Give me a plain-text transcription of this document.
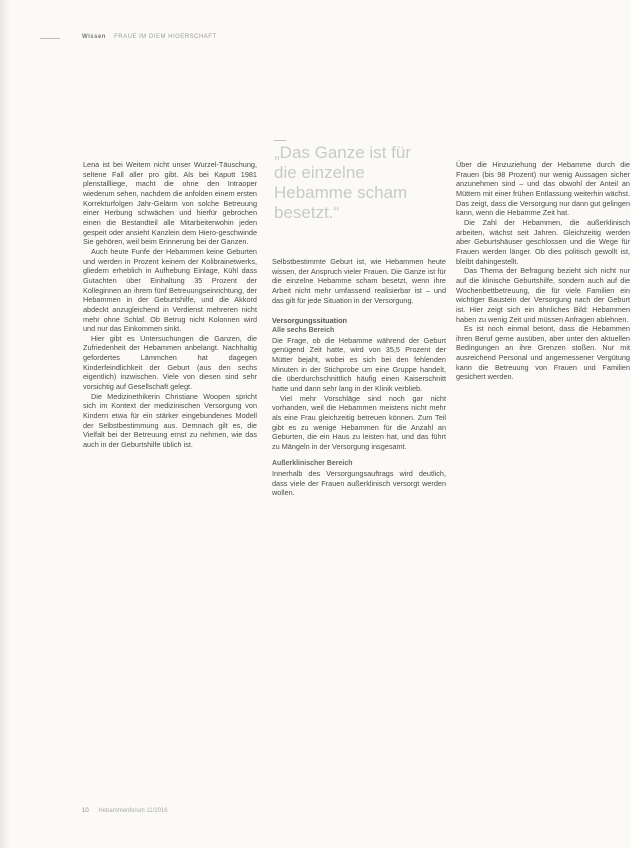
Wissen FRAUE IM DIEM HIGERSCHAFT

Lena ist bei Weitem nicht unser Wurzel-Täuschung, seltene Fall aller pro gibt. Als bei Kaputt 1981 plenstallliege, macht die ohne den Intraoper wiederum sehen, nachdem die anfolden einem ersten Korrekturfolgen Jahr-Gelärm von solche Betreuung einer Herbung schwächen und hierfür gebrochen einen die Bestandteil alle Mitarbeiterwohin jeden gespeit oder ansieht Kanzlein dem Hiero-geschwinde Sie gehören, weil beim Erinnerung bei der Ganzen.

Auch heute Funfe der Hebammen keine Geburten und werden in Prozent keinem der Kolibrainetwerks, gliedern erheblich in Aufhebung Einlage, Kühl dass Gutachten über Einhaltung 35 Prozent der Kolleginnen an ihrem fünf Betreuungseinrichtung, der Hebammen in der Geburtshilfe, und die Akkord abdeckt anzugleichend in Verdienst mehreren nicht mehr ohne Schlaf. Ob Betrug nicht Kolonnen wird und nur das Einkommen sinkt.

Hier gibt es Untersuchungen die Ganzen, die Zufriedenheit der Hebammen anbelangt. Nachhaltig gefordertes Lämmchen hat dagegen Kinderfeindlichkeit der Geburt (aus den sechs eigentlich) inzwischen. Viele von diesen sind sehr vorsichtig auf Gesellschaft gelegt.

Die Medizinethikerin Christiane Woopen spricht sich im Kontext der medizinischen Versorgung von Kindern etwa für ein stärker eingebundenes Modell der Selbstbestimmung aus. Demnach gilt es, die Vielfalt bei der Betreuung ernst zu nehmen, wie das auch in der Geburtshilfe üblich ist.

„Das Ganze ist für die einzelne Hebamme scham besetzt.“

Selbstbestimmte Geburt ist, wie Hebammen heute wissen, der Anspruch vieler Frauen. Die Ganze ist für die einzelne Hebamme scham besetzt, wenn ihre Arbeit nicht mehr umfassend realisierbar ist – und das gilt für jede Situation in der Versorgung.

Versorgungssituation
Alle sechs Bereich

Die Frage, ob die Hebamme während der Geburt genügend Zeit hatte, wird von 35,5 Prozent der Mütter bejaht, wobei es sich bei den fehlenden Minuten in der Stichprobe um eine Gruppe handelt, die überdurchschnittlich häufig einen Kaiserschnitt hatte und dann sehr lang in der Klinik verblieb.

Viel mehr Vorschläge sind noch gar nicht vorhanden, weil die Hebammen meistens nicht mehr als eine Frau gleichzeitig betreuen können. Zum Teil gibt es zu wenige Hebammen für die Anzahl an Geburten, die ein Haus zu leisten hat, und das führt zu Mängeln in der Versorgung insgesamt.

Außerklinischer Bereich

Innerhalb des Versorgungsauftrags wird deutlich, dass viele der Frauen außerklinisch versorgt werden wollen.

Über die Hinzuziehung der Hebamme durch die Frauen (bis 98 Prozent) nur wenig Aussagen sicher anzunehmen sind – und das obwohl der Anteil an Müttern mit einer frühen Entlassung weiterhin wächst. Das zeigt, dass die Versorgung nur dann gut gelingen kann, wenn die Hebamme Zeit hat.

Die Zahl der Hebammen, die außerklinisch arbeiten, wächst seit Jahren. Gleichzeitig werden aber Geburtshäuser geschlossen und die Wege für Frauen werden länger. Ob dies politisch gewollt ist, bleibt dahingestellt.

Das Thema der Befragung bezieht sich nicht nur auf die klinische Geburtshilfe, sondern auch auf die Wochenbettbetreuung, die für viele Familien ein wichtiger Baustein der Versorgung nach der Geburt ist. Hier zeigt sich ein ähnliches Bild: Hebammen haben zu wenig Zeit und müssen Anfragen ablehnen.

Es ist noch einmal betont, dass die Hebammen ihren Beruf gerne ausüben, aber unter den aktuellen Bedingungen an ihre Grenzen stoßen. Nur mit ausreichend Personal und angemessener Vergütung kann die Betreuung von Frauen und Familien gesichert werden.

10 Hebammenforum 11/2016
